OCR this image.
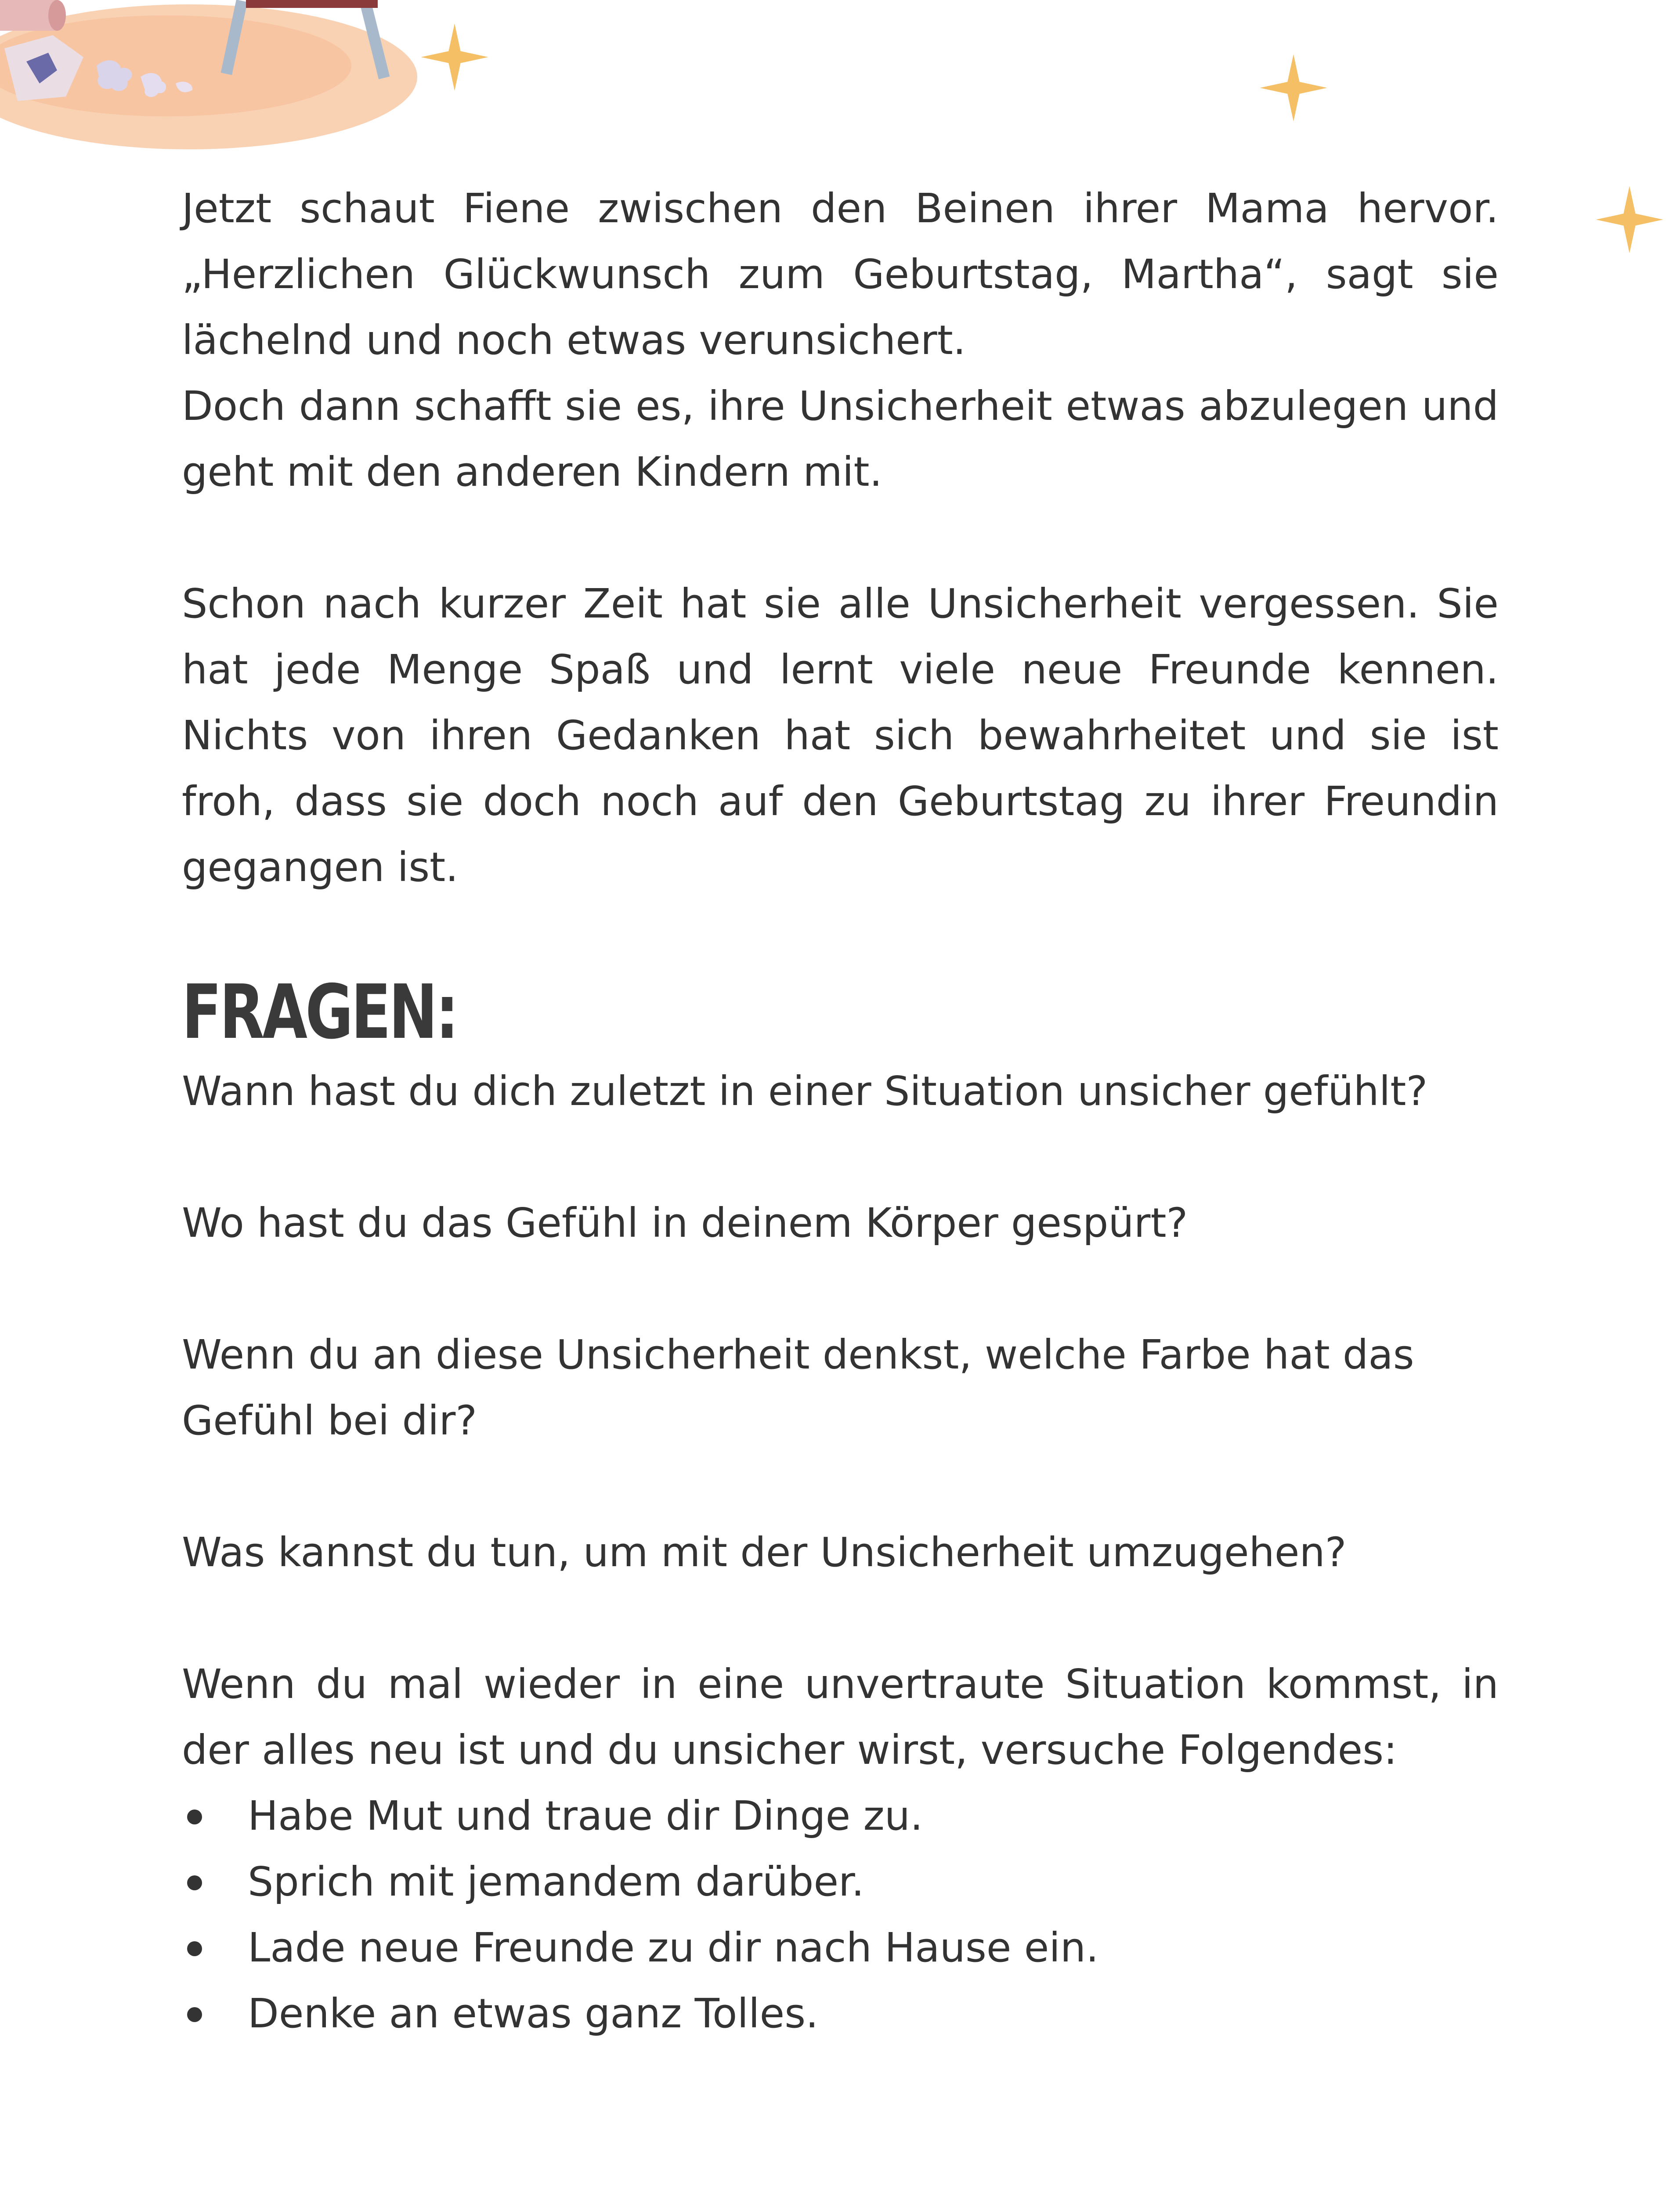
Jetzt schaut Fiene zwischen den Beinen ihrer Mama hervor. „Herzlichen Glückwunsch zum Geburtstag, Martha“, sagt sie lächelnd und noch etwas verunsichert.

Doch dann schafft sie es, ihre Unsicherheit etwas abzulegen und geht mit den anderen Kindern mit.

Schon nach kurzer Zeit hat sie alle Unsicherheit vergessen. Sie hat jede Menge Spaß und lernt viele neue Freunde kennen. Nichts von ihren Gedanken hat sich bewahrheitet und sie ist froh, dass sie doch noch auf den Geburtstag zu ihrer Freundin gegangen ist.

FRAGEN:

Wann hast du dich zuletzt in einer Situation unsicher gefühlt?

Wo hast du das Gefühl in deinem Körper gespürt?

Wenn du an diese Unsicherheit denkst, welche Farbe hat das Gefühl bei dir?

Was kannst du tun, um mit der Unsicherheit umzugehen?

Wenn du mal wieder in eine unvertraute Situation kommst, in der alles neu ist und du unsicher wirst, versuche Folgendes:

Habe Mut und traue dir Dinge zu.
Sprich mit jemandem darüber.
Lade neue Freunde zu dir nach Hause ein.
Denke an etwas ganz Tolles.
